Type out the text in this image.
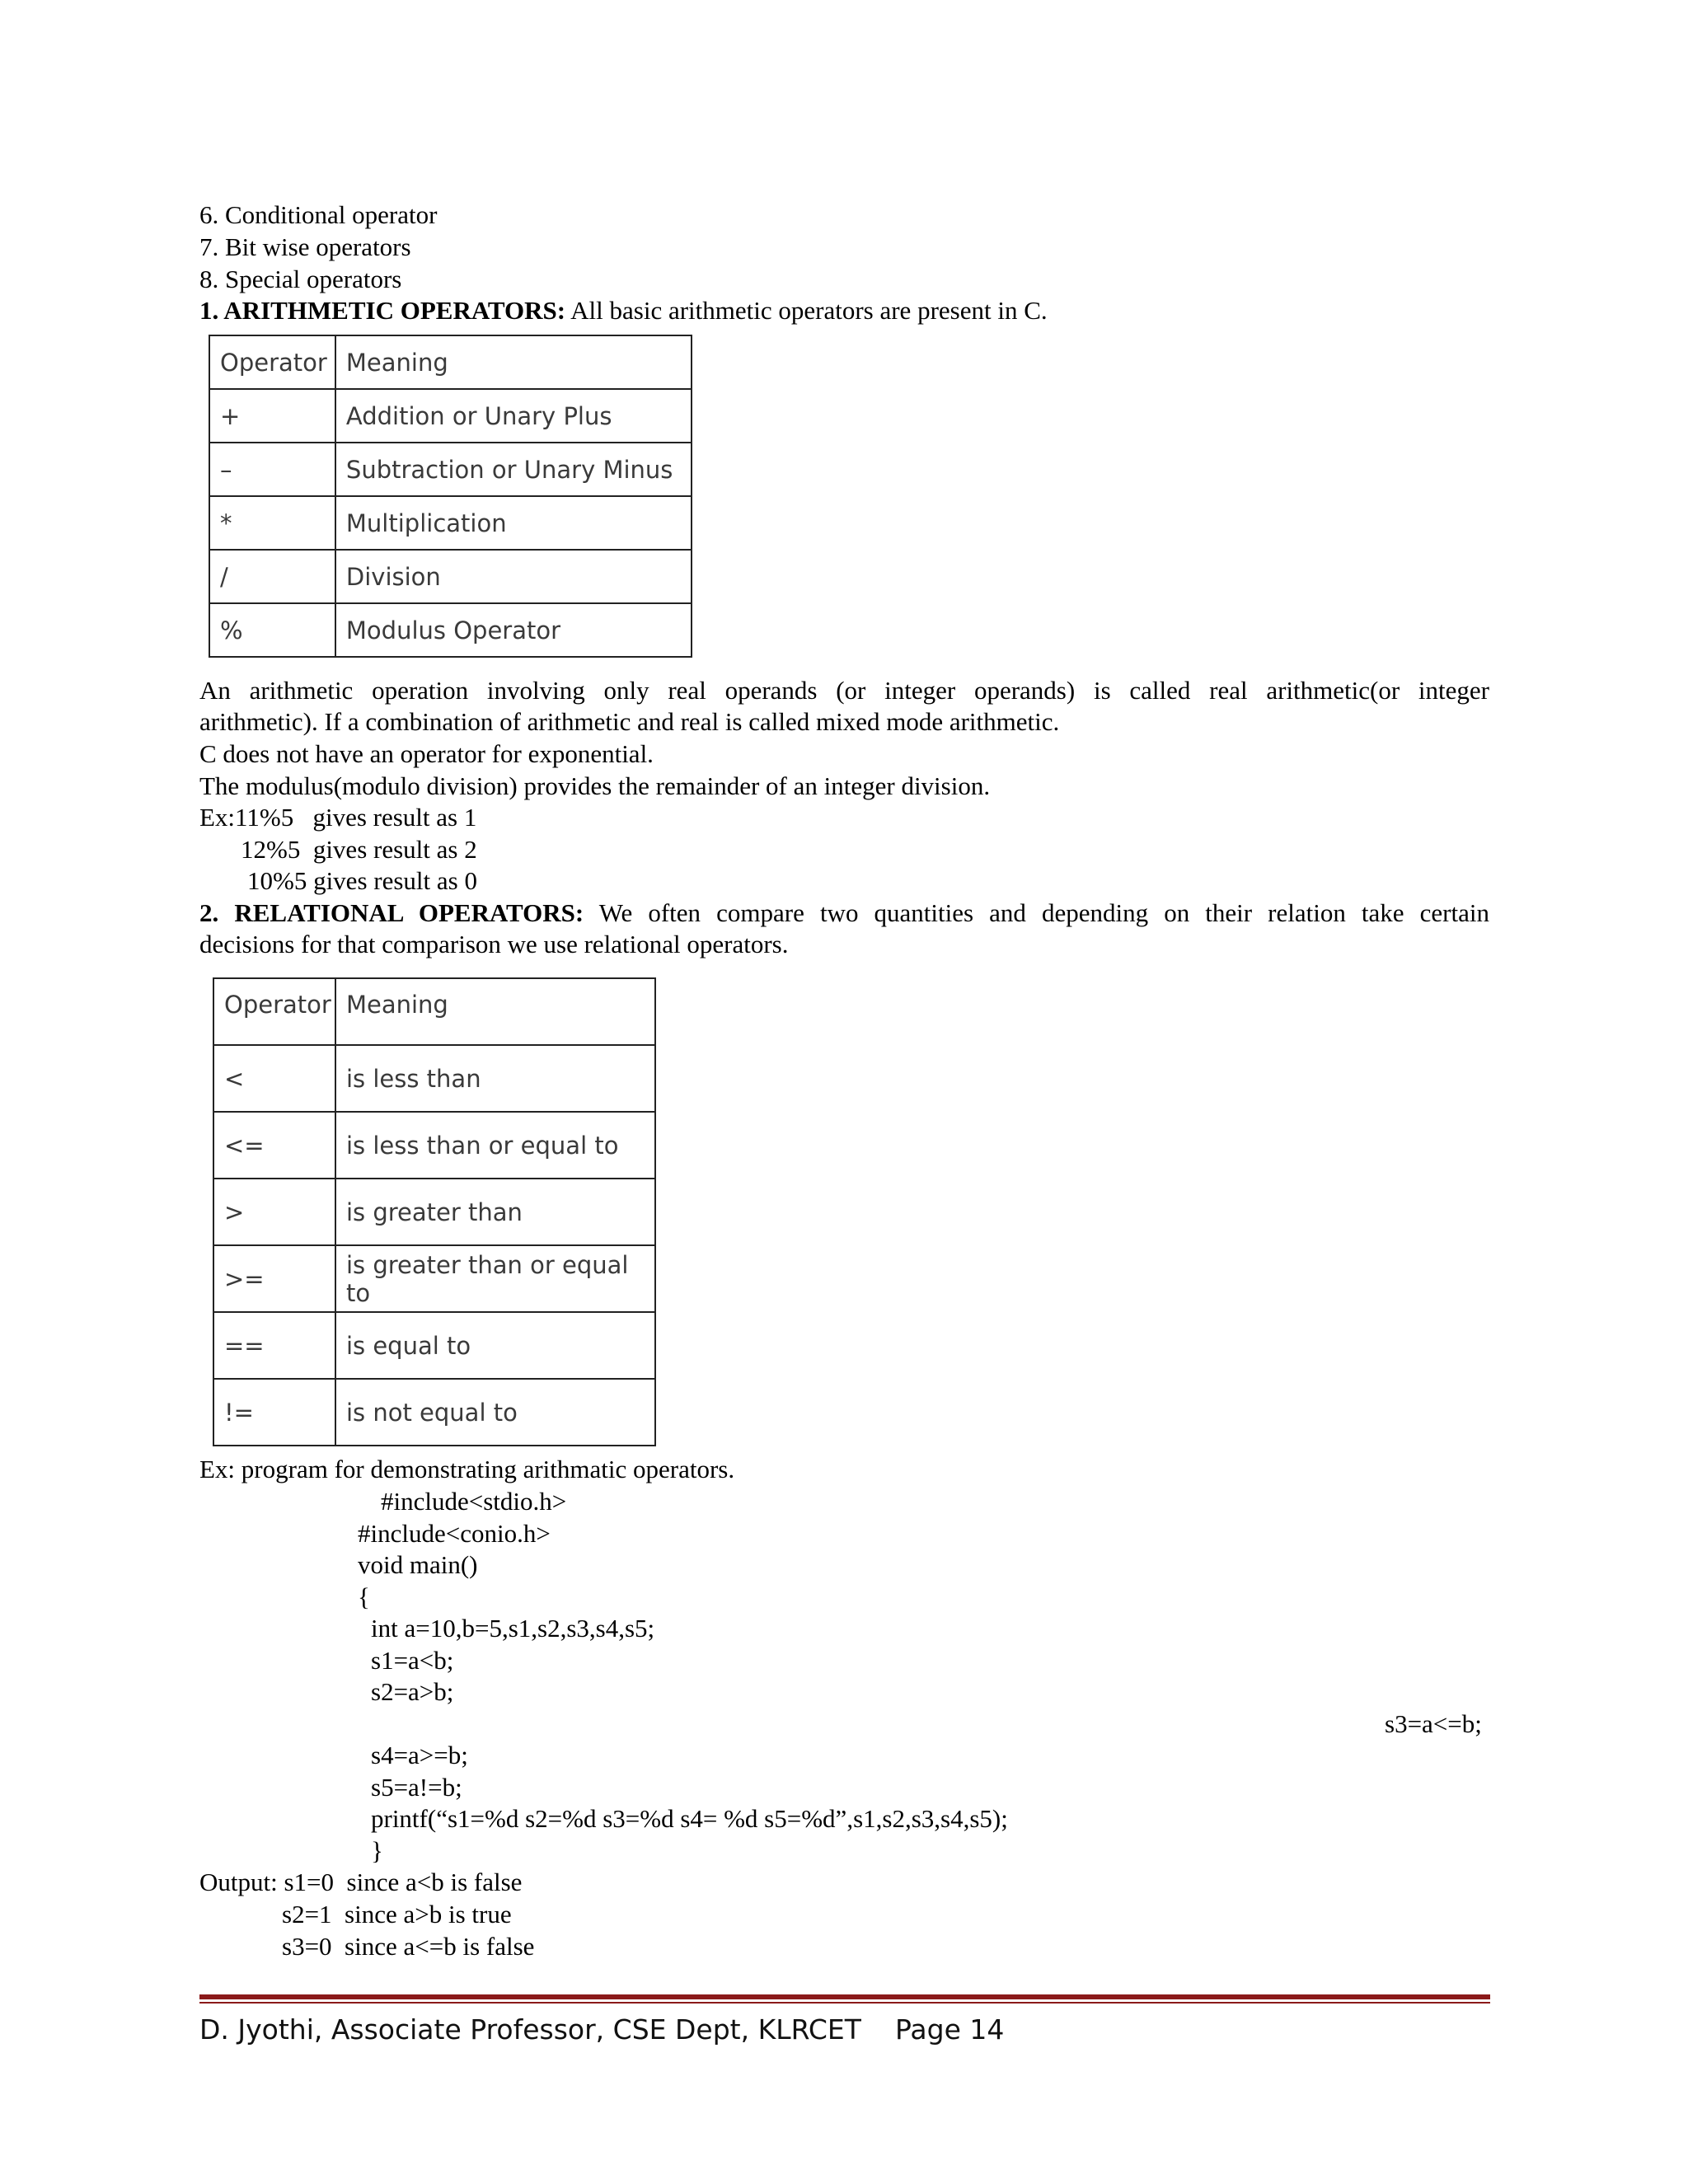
6. Conditional operator
7. Bit wise operators
8. Special operators
1. ARITHMETIC OPERATORS: All basic arithmetic operators are present in C.
Operator	Meaning
+	Addition or Unary Plus
–	Subtraction or Unary Minus
*	Multiplication
/	Division
%	Modulus Operator
An arithmetic operation involving only real operands (or integer operands) is called real arithmetic(or integer
arithmetic). If a combination of arithmetic and real is called mixed mode arithmetic.
C does not have an operator for exponential.
The modulus(modulo division) provides the remainder of an integer division.
Ex:11%5   gives result as 1
12%5  gives result as 2
10%5 gives result as 0
2. RELATIONAL OPERATORS: We often compare two quantities and depending on their relation take certain
decisions for that comparison we use relational operators.
Operator	Meaning
<	is less than
<=	is less than or equal to
>	is greater than
>=	is greater than or equal to
==	is equal to
!=	is not equal to
Ex: program for demonstrating arithmatic operators.
#include<stdio.h>
#include<conio.h>
void main()
{
int a=10,b=5,s1,s2,s3,s4,s5;
s1=a<b;
s2=a>b;
s3=a<=b;
s4=a>=b;
s5=a!=b;
printf(“s1=%d s2=%d s3=%d s4= %d s5=%d”,s1,s2,s3,s4,s5);
}
Output: s1=0  since a<b is false
s2=1  since a>b is true
s3=0  since a<=b is false
D. Jyothi, Associate Professor, CSE Dept, KLRCET Page 14
